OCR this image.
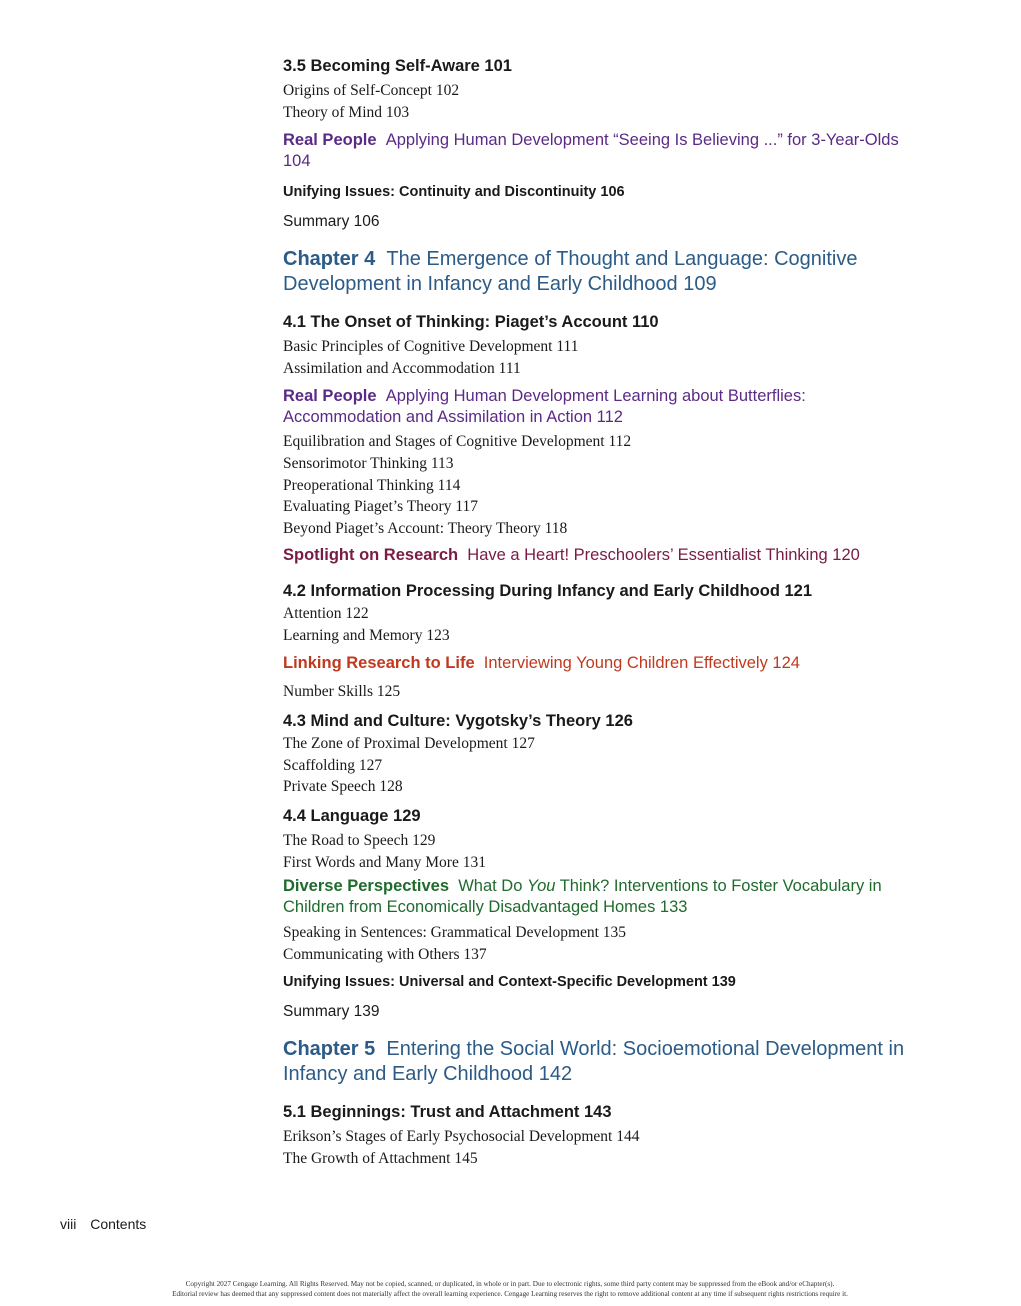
3.5 Becoming Self-Aware 101

Origins of Self-Concept 102

Theory of Mind 103

Real People Applying Human Development “Seeing Is Believing ...” for 3-Year-Olds 104

Unifying Issues: Continuity and Discontinuity 106

Summary 106

Chapter 4 The Emergence of Thought and Language: Cognitive Development in Infancy and Early Childhood 109

4.1 The Onset of Thinking: Piaget’s Account 110

Basic Principles of Cognitive Development 111

Assimilation and Accommodation 111

Real People Applying Human Development Learning about Butterflies: Accommodation and Assimilation in Action 112

Equilibration and Stages of Cognitive Development 112

Sensorimotor Thinking 113

Preoperational Thinking 114

Evaluating Piaget’s Theory 117

Beyond Piaget’s Account: Theory Theory 118

Spotlight on Research Have a Heart! Preschoolers’ Essentialist Thinking 120

4.2 Information Processing During Infancy and Early Childhood 121

Attention 122

Learning and Memory 123

Linking Research to Life Interviewing Young Children Effectively 124

Number Skills 125

4.3 Mind and Culture: Vygotsky’s Theory 126

The Zone of Proximal Development 127

Scaffolding 127

Private Speech 128

4.4 Language 129

The Road to Speech 129

First Words and Many More 131

Diverse Perspectives What Do You Think? Interventions to Foster Vocabulary in Children from Economically Disadvantaged Homes 133

Speaking in Sentences: Grammatical Development 135

Communicating with Others 137

Unifying Issues: Universal and Context-Specific Development 139

Summary 139

Chapter 5 Entering the Social World: Socioemotional Development in Infancy and Early Childhood 142

5.1 Beginnings: Trust and Attachment 143

Erikson’s Stages of Early Psychosocial Development 144

The Growth of Attachment 145

viii Contents
Copyright 2027 Cengage Learning. All Rights Reserved. May not be copied, scanned, or duplicated, in whole or in part. Due to electronic rights, some third party content may be suppressed from the eBook and/or eChapter(s).
Editorial review has deemed that any suppressed content does not materially affect the overall learning experience. Cengage Learning reserves the right to remove additional content at any time if subsequent rights restrictions require it.
